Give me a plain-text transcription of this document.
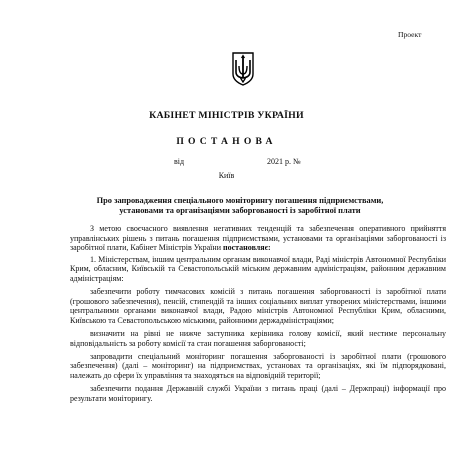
Проект
КАБІНЕТ МІНІСТРІВ УКРАЇНИ
ПОСТАНОВА
від	2021 р. №
Київ
Про запровадження спеціального моніторингу погашення підприємствами,
установами та організаціями заборгованості із заробітної плати

З метою своєчасного виявлення негативних тенденцій та забезпечення оперативного прийняття управлінських рішень з питань погашення підприємствами, установами та організаціями заборгованості із заробітної плати, Кабінет Міністрів України постановляє:

1. Міністерствам, іншим центральним органам виконавчої влади, Раді міністрів Автономної Республіки Крим, обласним, Київській та Севастопольській міським державним адміністраціям, районним державним адміністраціям:

забезпечити роботу тимчасових комісій з питань погашення заборгованості із заробітної плати (грошового забезпечення), пенсій, стипендій та інших соціальних виплат утворених міністерствами, іншими центральними органами виконавчої влади, Радою міністрів Автономної Республіки Крим, обласними, Київською та Севастопольською міськими, районними держадміністраціями;

визначити на рівні не нижче заступника керівника голову комісії, який нестиме персональну відповідальність за роботу комісії та стан погашення заборгованості;

запровадити спеціальний моніторинг погашення заборгованості із заробітної плати (грошового забезпечення) (далі – моніторинг) на підприємствах, установах та організаціях, які їм підпорядковані, належать до сфери їх управління та знаходяться на відповідній території;

забезпечити подання Державній службі України з питань праці (далі – Держпраці) інформації про результати моніторингу.
